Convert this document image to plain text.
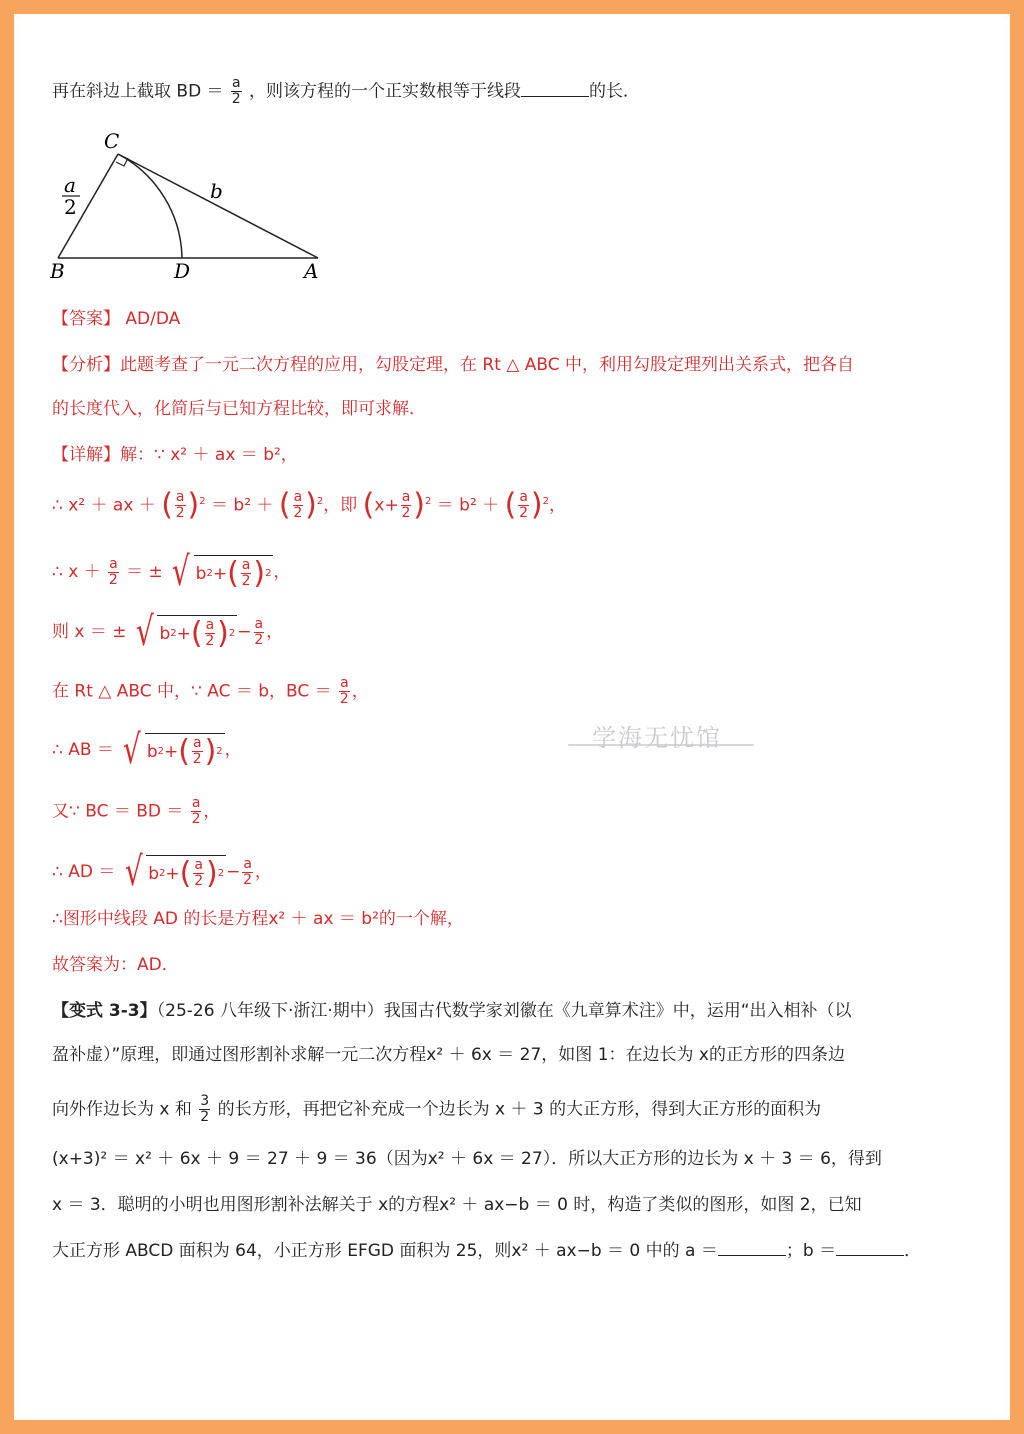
再在斜边上截取 BD ＝ $\frac{a}{2}$ ，则该方程的一个正实数根等于线段	的长．
C
B	D	A
b
a
2
【答案】 AD/DA
【分析】此题考查了一元二次方程的应用，勾股定理，在 Rt △ ABC 中，利用勾股定理列出关系式，把各自
的长度代入，化简后与已知方程比较，即可求解．
【详解】解：∵ x² ＋ ax ＝ b²，
∴ x² ＋ ax ＋ ( $\frac{a}{2} )^2 = b^2$ ＋ ( $\frac{a}{2} )^2$，即 $(x+ \frac{a}{2} )^2 = b^2$ ＋ ( $\frac{a}{2} )^2$，
∴ $x + \frac{a}{2}$ ＝ ± √ b 2 + ( $\frac{a}{2}$ ) 2 ，
则 x ＝ ± √ b 2 + ( $\frac{a}{2}$ ) $2 - \frac{a}{2}$ ，
在 Rt △ ABC 中，∵ AC ＝ b，BC ＝ $\frac{a}{2}$ ，
∴ AB ＝ √ b 2 + ( $\frac{a}{2}$ ) 2 ，
又∵ BC ＝ BD ＝ $\frac{a}{2}$ ，
∴ AD ＝ √ b 2 + ( $\frac{a}{2}$ ) $2 - \frac{a}{2}$ ，
∴图形中线段 AD 的长是方程x² ＋ ax ＝ b²的一个解，
故答案为：AD．
【变式 3-3】（25-26 八年级下·浙江·期中）我国古代数学家刘徽在《九章算术注》中，运用“出入相补（以
盈补虚）”原理，即通过图形割补求解一元二次方程x² ＋ 6x ＝ 27，如图 1：在边长为 x的正方形的四条边
向外作边长为 x 和 $\frac{3}{2}$ 的长方形，再把它补充成一个边长为 x ＋ 3 的大正方形，得到大正方形的面积为
(x+3)² ＝ x² ＋ 6x ＋ 9 ＝ 27 ＋ 9 ＝ 36（因为x² ＋ 6x ＝ 27）．所以大正方形的边长为 x ＋ 3 ＝ 6，得到
x ＝ 3．聪明的小明也用图形割补法解关于 x的方程x² ＋ ax−b ＝ 0 时，构造了类似的图形，如图 2，已知
大正方形 ABCD 面积为 64，小正方形 EFGD 面积为 25，则x² ＋ ax−b ＝ 0 中的 a ＝	；b ＝	．
学海无忧馆
